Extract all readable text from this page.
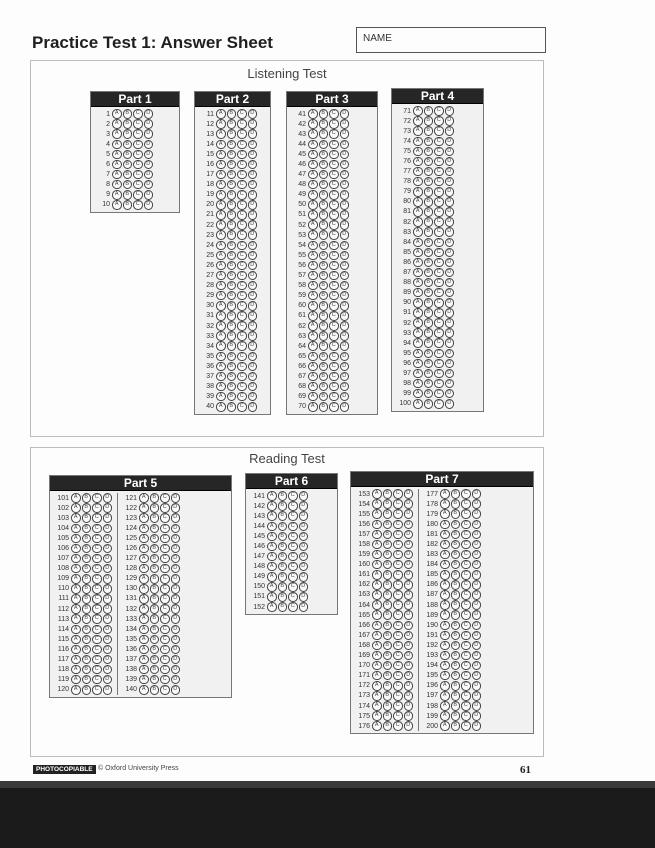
Practice Test 1: Answer Sheet	NAME
Listening Test
Reading Test
Part 1
1 A	B	C	D
2 A	B	C	D
3 A	B	C	D
4 A	B	C	D
5 A	B	C	D
6 A	B	C	D
7 A	B	C	D
8 A	B	C	D
9 A	B	C	D
10 A	B	C	D
Part 2
11 A	B	C	D
12 A	B	C	D
13 A	B	C	D
14 A	B	C	D
15 A	B	C	D
16 A	B	C	D
17 A	B	C	D
18 A	B	C	D
19 A	B	C	D
20 A	B	C	D
21 A	B	C	D
22 A	B	C	D
23 A	B	C	D
24 A	B	C	D
25 A	B	C	D
26 A	B	C	D
27 A	B	C	D
28 A	B	C	D
29 A	B	C	D
30 A	B	C	D
31 A	B	C	D
32 A	B	C	D
33 A	B	C	D
34 A	B	C	D
35 A	B	C	D
36 A	B	C	D
37 A	B	C	D
38 A	B	C	D
39 A	B	C	D
40 A	B	C	D
Part 3
41 A	B	C	D
42 A	B	C	D
43 A	B	C	D
44 A	B	C	D
45 A	B	C	D
46 A	B	C	D
47 A	B	C	D
48 A	B	C	D
49 A	B	C	D
50 A	B	C	D
51 A	B	C	D
52 A	B	C	D
53 A	B	C	D
54 A	B	C	D
55 A	B	C	D
56 A	B	C	D
57 A	B	C	D
58 A	B	C	D
59 A	B	C	D
60 A	B	C	D
61 A	B	C	D
62 A	B	C	D
63 A	B	C	D
64 A	B	C	D
65 A	B	C	D
66 A	B	C	D
67 A	B	C	D
68 A	B	C	D
69 A	B	C	D
70 A	B	C	D
Part 4
71 A	B	C	D
72 A	B	C	D
73 A	B	C	D
74 A	B	C	D
75 A	B	C	D
76 A	B	C	D
77 A	B	C	D
78 A	B	C	D
79 A	B	C	D
80 A	B	C	D
81 A	B	C	D
82 A	B	C	D
83 A	B	C	D
84 A	B	C	D
85 A	B	C	D
86 A	B	C	D
87 A	B	C	D
88 A	B	C	D
89 A	B	C	D
90 A	B	C	D
91 A	B	C	D
92 A	B	C	D
93 A	B	C	D
94 A	B	C	D
95 A	B	C	D
96 A	B	C	D
97 A	B	C	D
98 A	B	C	D
99 A	B	C	D
100 A	B	C	D
Part 5
101 A	B	C	D
102 A	B	C	D
103 A	B	C	D
104 A	B	C	D
105 A	B	C	D
106 A	B	C	D
107 A	B	C	D
108 A	B	C	D
109 A	B	C	D
110 A	B	C	D
111 A	B	C	D
112 A	B	C	D
113 A	B	C	D
114 A	B	C	D
115 A	B	C	D
116 A	B	C	D
117 A	B	C	D
118 A	B	C	D
119 A	B	C	D
120 A	B	C	D
121 A	B	C	D
122 A	B	C	D
123 A	B	C	D
124 A	B	C	D
125 A	B	C	D
126 A	B	C	D
127 A	B	C	D
128 A	B	C	D
129 A	B	C	D
130 A	B	C	D
131 A	B	C	D
132 A	B	C	D
133 A	B	C	D
134 A	B	C	D
135 A	B	C	D
136 A	B	C	D
137 A	B	C	D
138 A	B	C	D
139 A	B	C	D
140 A	B	C	D
Part 6
141 A	B	C	D
142 A	B	C	D
143 A	B	C	D
144 A	B	C	D
145 A	B	C	D
146 A	B	C	D
147 A	B	C	D
148 A	B	C	D
149 A	B	C	D
150 A	B	C	D
151 A	B	C	D
152 A	B	C	D
Part 7
153 A	B	C	D
154 A	B	C	D
155 A	B	C	D
156 A	B	C	D
157 A	B	C	D
158 A	B	C	D
159 A	B	C	D
160 A	B	C	D
161 A	B	C	D
162 A	B	C	D
163 A	B	C	D
164 A	B	C	D
165 A	B	C	D
166 A	B	C	D
167 A	B	C	D
168 A	B	C	D
169 A	B	C	D
170 A	B	C	D
171 A	B	C	D
172 A	B	C	D
173 A	B	C	D
174 A	B	C	D
175 A	B	C	D
176 A	B	C	D
177 A	B	C	D
178 A	B	C	D
179 A	B	C	D
180 A	B	C	D
181 A	B	C	D
182 A	B	C	D
183 A	B	C	D
184 A	B	C	D
185 A	B	C	D
186 A	B	C	D
187 A	B	C	D
188 A	B	C	D
189 A	B	C	D
190 A	B	C	D
191 A	B	C	D
192 A	B	C	D
193 A	B	C	D
194 A	B	C	D
195 A	B	C	D
196 A	B	C	D
197 A	B	C	D
198 A	B	C	D
199 A	B	C	D
200 A	B	C	D
PHOTOCOPIABLE © Oxford University Press	61
